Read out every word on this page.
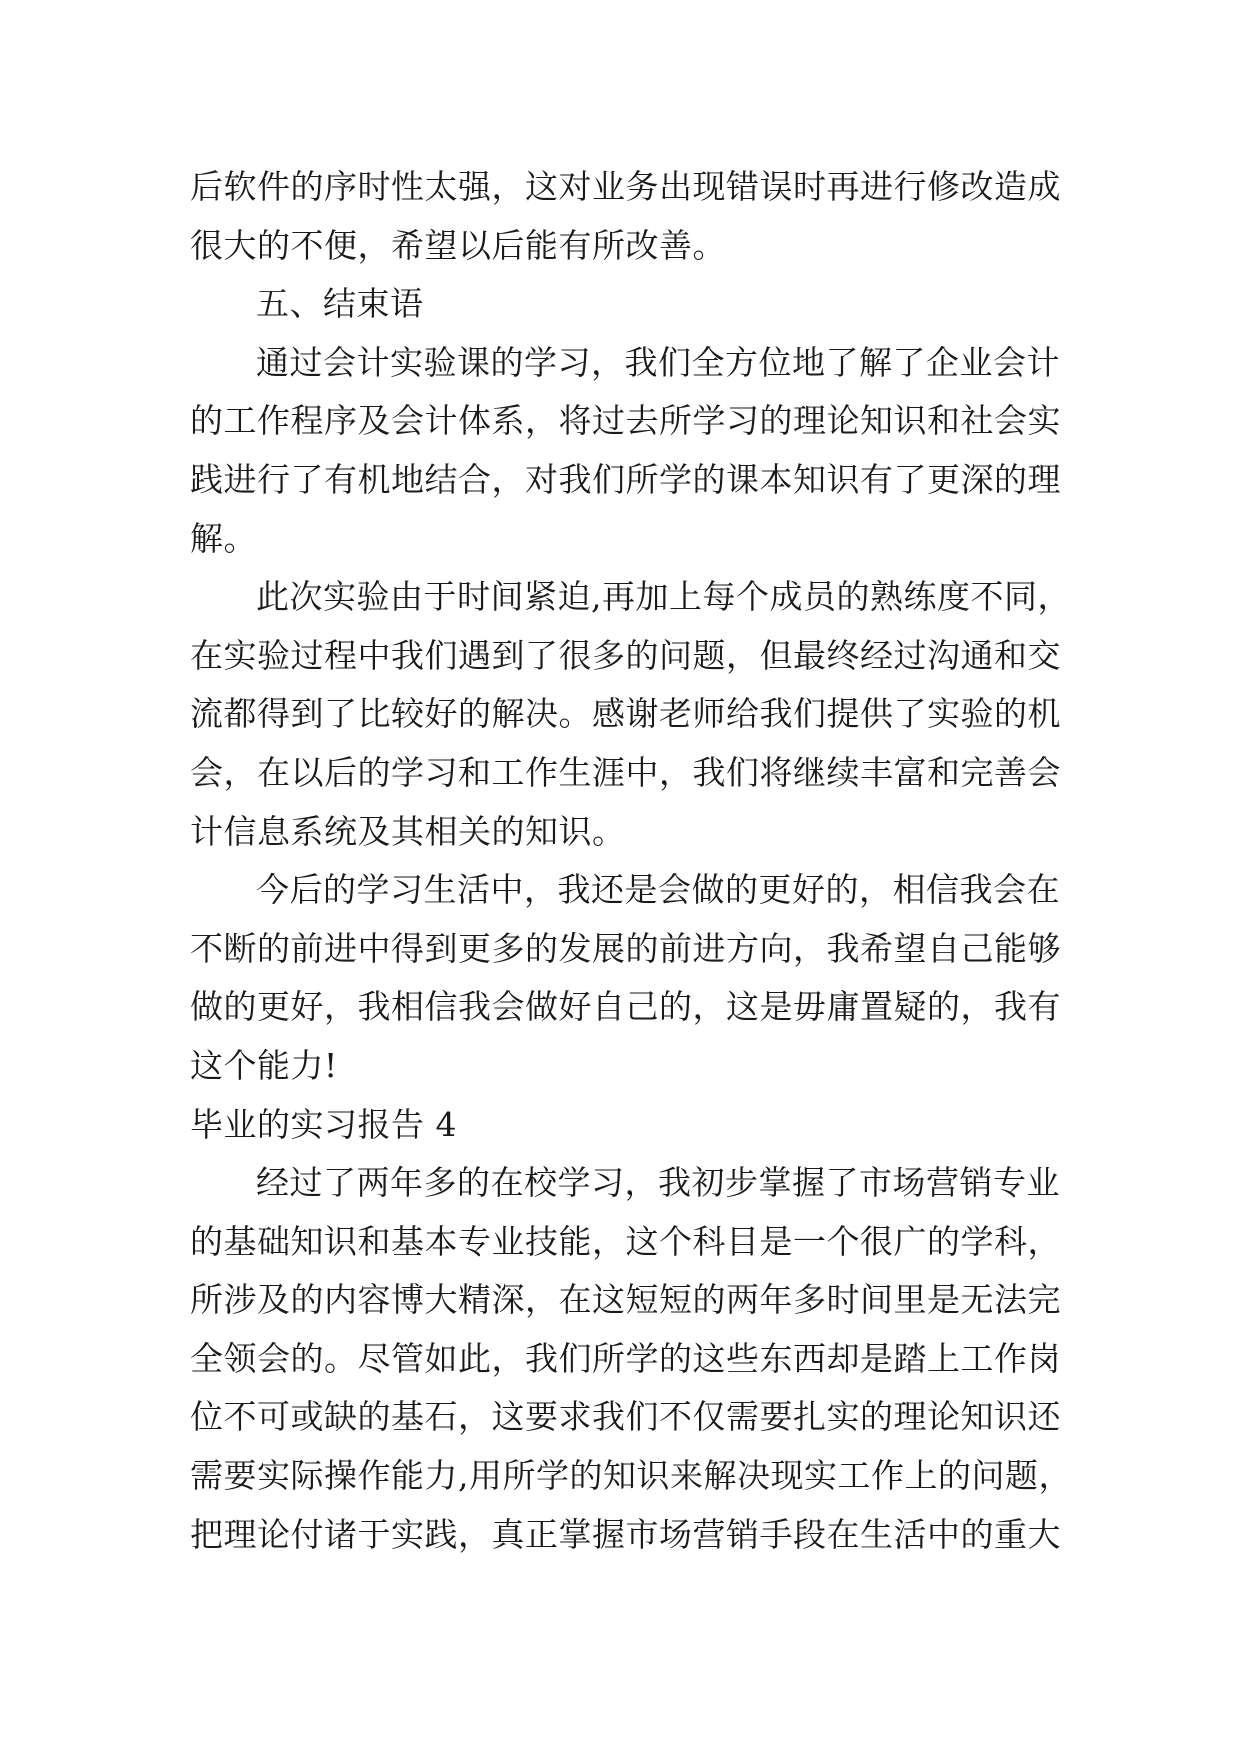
后软件的序时性太强，这对业务出现错误时再进行修改造成
很大的不便，希望以后能有所改善。
五、结束语
通过会计实验课的学习，我们全方位地了解了企业会计
的工作程序及会计体系，将过去所学习的理论知识和社会实
践进行了有机地结合，对我们所学的课本知识有了更深的理
解。
此次实验由于时间紧迫,再加上每个成员的熟练度不同，
在实验过程中我们遇到了很多的问题，但最终经过沟通和交
流都得到了比较好的解决。感谢老师给我们提供了实验的机
会，在以后的学习和工作生涯中，我们将继续丰富和完善会
计信息系统及其相关的知识。
今后的学习生活中，我还是会做的更好的，相信我会在
不断的前进中得到更多的发展的前进方向，我希望自己能够
做的更好，我相信我会做好自己的，这是毋庸置疑的，我有
这个能力!
毕业的实习报告 4
经过了两年多的在校学习，我初步掌握了市场营销专业
的基础知识和基本专业技能，这个科目是一个很广的学科，
所涉及的内容博大精深，在这短短的两年多时间里是无法完
全领会的。尽管如此，我们所学的这些东西却是踏上工作岗
位不可或缺的基石，这要求我们不仅需要扎实的理论知识还
需要实际操作能力,用所学的知识来解决现实工作上的问题，
把理论付诸于实践，真正掌握市场营销手段在生活中的重大
